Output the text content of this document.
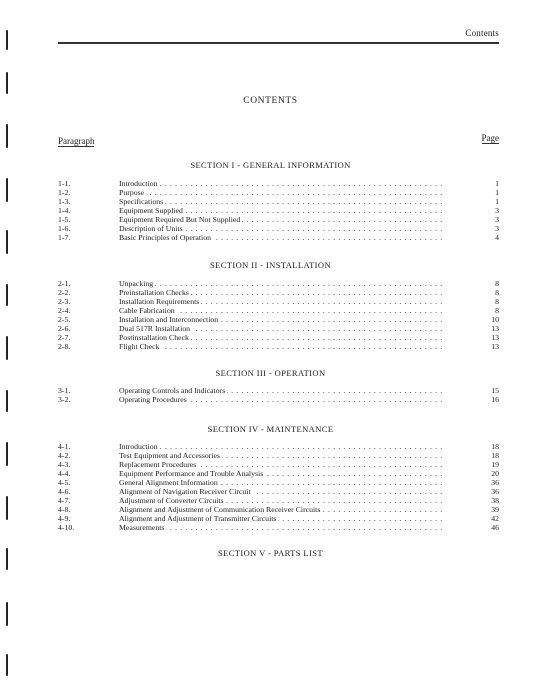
Contents
CONTENTS
Paragraph	Page
SECTION I - GENERAL INFORMATION
1-1.	Introduction . . .	1
1-2.	Purpose . . .	1
1-3.	Specifications . . .	1
1-4.	Equipment Supplied . . .	3
1-5.	Equipment Required But Not Supplied . . .	3
1-6.	Description of Units . . .	3
1-7.	Basic Principles of Operation . . .	4
SECTION II - INSTALLATION
2-1.	Unpacking . . .	8
2-2.	Preinstallation Checks . . .	8
2-3.	Installation Requirements . . .	8
2-4.	Cable Fabrication . . .	8
2-5.	Installation and Interconnection . . .	10
2-6.	Dual 517R Installation . . .	13
2-7.	Postinstallation Check . . .	13
2-8.	Flight Check . . .	13
SECTION III - OPERATION
3-1.	Operating Controls and Indicators . . .	15
3-2.	Operating Procedures . . .	16
SECTION IV - MAINTENANCE
4-1.	Introduction . . .	18
4-2.	Test Equipment and Accessories . . .	18
4-3.	Replacement Procedures . . .	19
4-4.	Equipment Performance and Trouble Analysis . . .	20
4-5.	General Alignment Information . . .	36
4-6.	Alignment of Navigation Receiver Circuit . . .	36
4-7.	Adjustment of Converter Circuits . . .	38
4-8.	Alignment and Adjustment of Communication Receiver Circuits . . .	39
4-9.	Alignment and Adjustment of Transmitter Circuits . . .	42
4-10.	Measurements . . .	46
SECTION V - PARTS LIST
